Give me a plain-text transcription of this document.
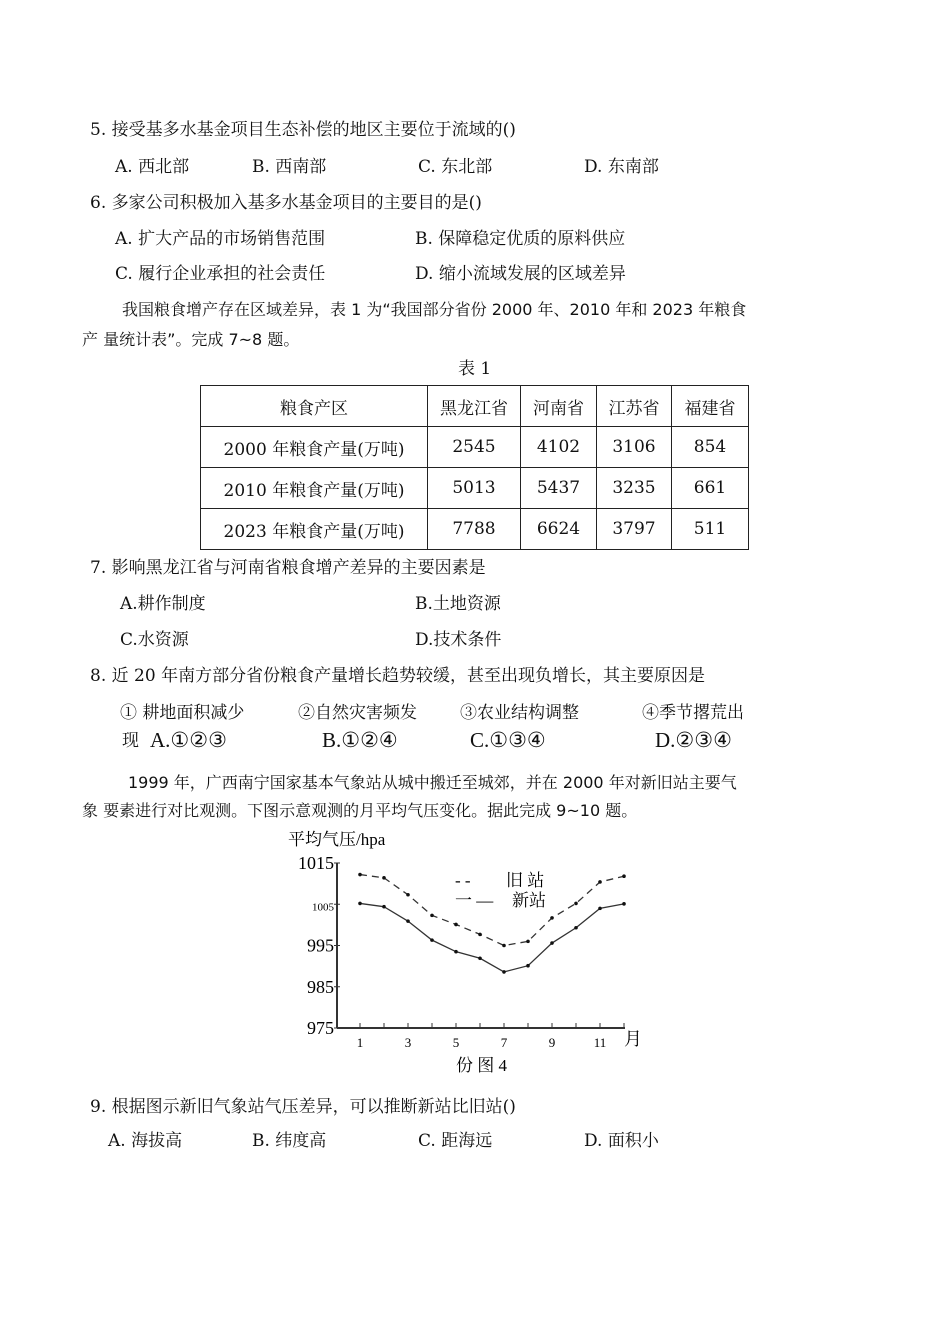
5. 接受基多水基金项目生态补偿的地区主要位于流域的()
A. 西北部	B. 西南部	C. 东北部	D. 东南部
6. 多家公司积极加入基多水基金项目的主要目的是()
A. 扩大产品的市场销售范围	B. 保障稳定优质的原料供应
C. 履行企业承担的社会责任	D. 缩小流域发展的区域差异
我国粮食增产存在区域差异，表 1 为“我国部分省份 2000 年、2010 年和 2023 年粮食
产 量统计表”。完成 7~8 题。
表 1
粮食产区	黑龙江省	河南省	江苏省	福建省
2000 年粮食产量(万吨)	2545	4102	3106	854
2010 年粮食产量(万吨)	5013	5437	3235	661
2023 年粮食产量(万吨)	7788	6624	3797	511
7. 影响黑龙江省与河南省粮食增产差异的主要因素是
A.耕作制度	B.土地资源
C.水资源	D.技术条件
8. 近 20 年南方部分省份粮食产量增长趋势较缓，甚至出现负增长，其主要原因是
① 耕地面积减少	②自然灾害频发	③农业结构调整	④季节撂荒出
现 A.①②③	B.①②④	C.①③④	D.②③④
1999 年，广西南宁国家基本气象站从城中搬迁至城郊，并在 2000 年对新旧站主要气
象 要素进行对比观测。下图示意观测的月平均气压变化。据此完成 9~10 题。
平均气压/hpa
1015
1005
995
985
975
1	3	5	7	9	11 月
- - 旧 站
一 — 新站
份 图 4
9. 根据图示新旧气象站气压差异，可以推断新站比旧站()
A. 海拔高	B. 纬度高	C. 距海远	D. 面积小
